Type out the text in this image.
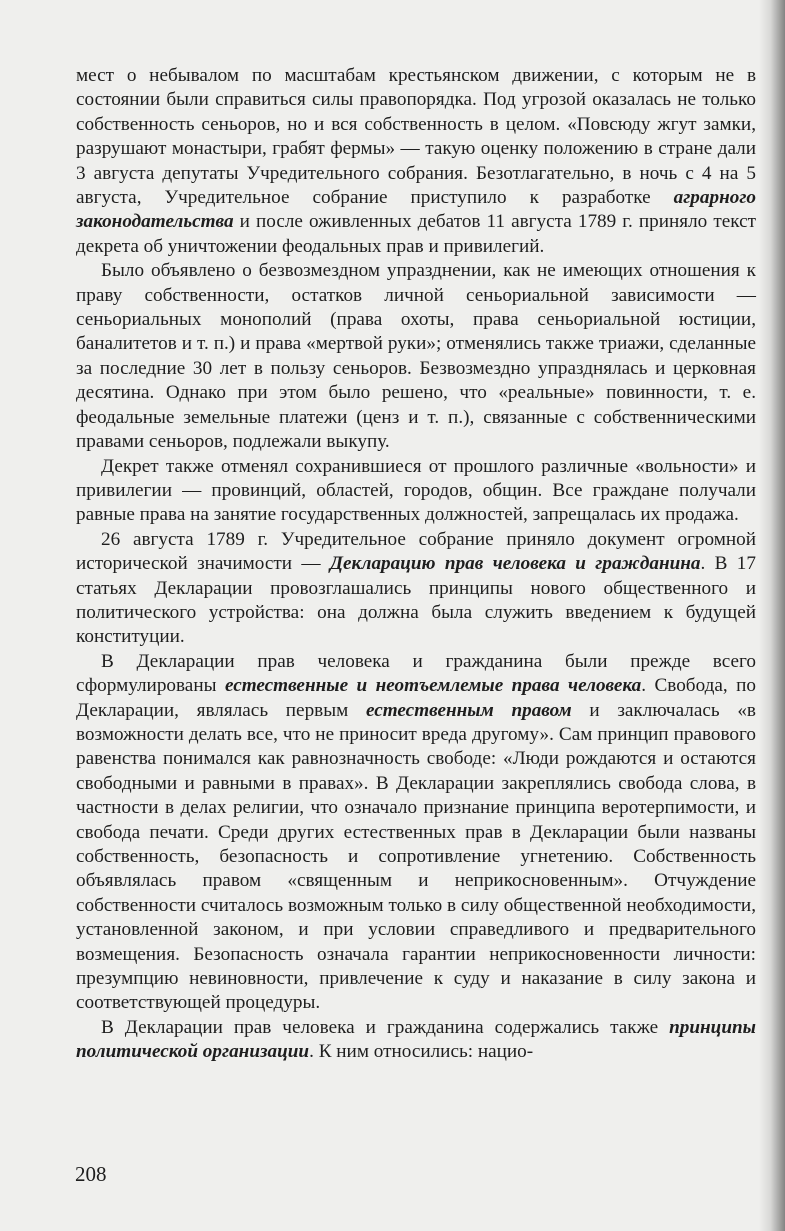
мест о небывалом по масштабам крестьянском движении, с которым не в состоянии были справиться силы правопорядка. Под угрозой оказалась не только собственность сеньоров, но и вся собственность в целом. «Повсюду жгут замки, разрушают монастыри, грабят фермы» — такую оценку положению в стране дали 3 августа депутаты Учредительного собрания. Безотлагательно, в ночь с 4 на 5 августа, Учредительное собрание приступило к разработке аграрного законодательства и после оживленных дебатов 11 августа 1789 г. приняло текст декрета об уничтожении феодальных прав и привилегий.

Было объявлено о безвозмездном упразднении, как не имеющих отношения к праву собственности, остатков личной сеньориальной зависимости — сеньориальных монополий (права охоты, права сеньориальной юстиции, баналитетов и т. п.) и права «мертвой руки»; отменялись также триажи, сделанные за последние 30 лет в пользу сеньоров. Безвозмездно упразднялась и церковная десятина. Однако при этом было решено, что «реальные» повинности, т. е. феодальные земельные платежи (ценз и т. п.), связанные с собственническими правами сеньоров, подлежали выкупу.

Декрет также отменял сохранившиеся от прошлого различные «вольности» и привилегии — провинций, областей, городов, общин. Все граждане получали равные права на занятие государственных должностей, запрещалась их продажа.

26 августа 1789 г. Учредительное собрание приняло документ огромной исторической значимости — Декларацию прав человека и гражданина. В 17 статьях Декларации провозглашались принципы нового общественного и политического устройства: она должна была служить введением к будущей конституции.

В Декларации прав человека и гражданина были прежде всего сформулированы естественные и неотъемлемые права человека. Свобода, по Декларации, являлась первым естественным правом и заключалась «в возможности делать все, что не приносит вреда другому». Сам принцип правового равенства понимался как равнозначность свободе: «Люди рождаются и остаются свободными и равными в правах». В Декларации закреплялись свобода слова, в частности в делах религии, что означало признание принципа веротерпимости, и свобода печати. Среди других естественных прав в Декларации были названы собственность, безопасность и сопротивление угнетению. Собственность объявлялась правом «священным и неприкосновенным». Отчуждение собственности считалось возможным только в силу общественной необходимости, установленной законом, и при условии справедливого и предварительного возмещения. Безопасность означала гарантии неприкосновенности личности: презумпцию невиновности, привлечение к суду и наказание в силу закона и соответствующей процедуры.

В Декларации прав человека и гражданина содержались также принципы политической организации. К ним относились: нацио-

208
